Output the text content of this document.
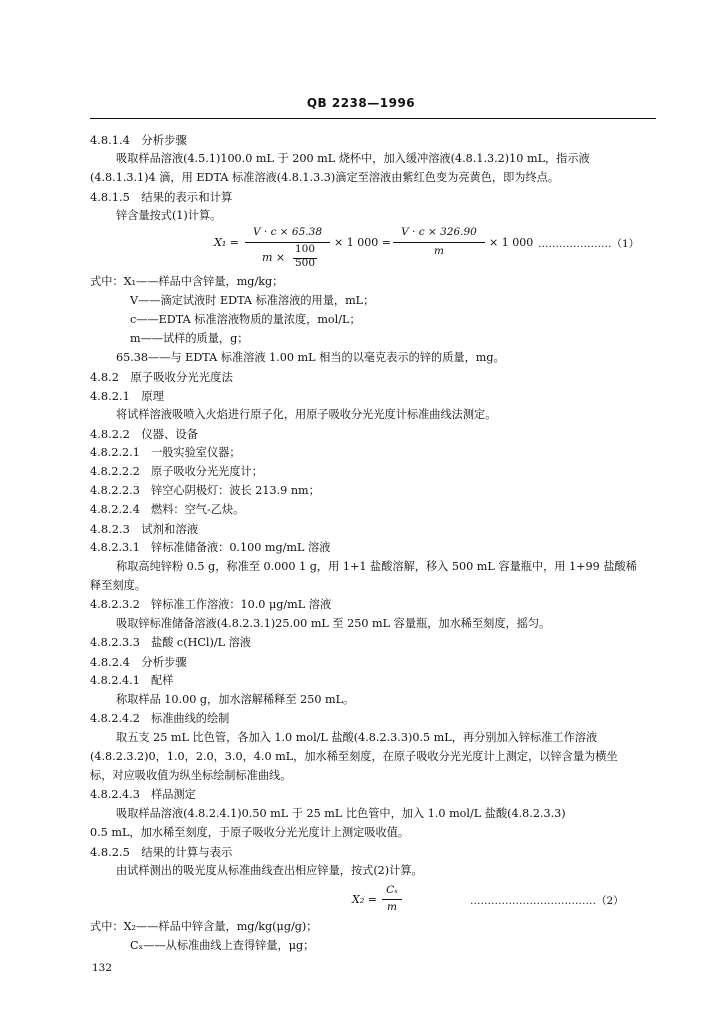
QB 2238—1996
4.8.1.4　分析步骤
吸取样品溶液(4.5.1)100.0 mL 于 200 mL 烧杯中，加入缓冲溶液(4.8.1.3.2)10 mL，指示液
(4.8.1.3.1)4 滴，用 EDTA 标准溶液(4.8.1.3.3)滴定至溶液由紫红色变为亮黄色，即为终点。
4.8.1.5　结果的表示和计算
锌含量按式(1)计算。
X₁ =
V · c × 65.38
m ×
100
500
× 1 000 =
V · c × 326.90
m
× 1 000 …………………（1）
式中：X₁——样品中含锌量，mg/kg；
V——滴定试液时 EDTA 标准溶液的用量，mL；
c——EDTA 标准溶液物质的量浓度，mol/L；
m——试样的质量，g；
65.38——与 EDTA 标准溶液 1.00 mL 相当的以毫克表示的锌的质量，mg。
4.8.2　原子吸收分光光度法
4.8.2.1　原理
将试样溶液吸喷入火焰进行原子化，用原子吸收分光光度计标准曲线法测定。
4.8.2.2　仪器、设备
4.8.2.2.1　一般实验室仪器；
4.8.2.2.2　原子吸收分光光度计；
4.8.2.2.3　锌空心阴极灯：波长 213.9 nm；
4.8.2.2.4　燃料：空气-乙炔。
4.8.2.3　试剂和溶液
4.8.2.3.1　锌标准储备液：0.100 mg/mL 溶液
称取高纯锌粉 0.5 g，称准至 0.000 1 g，用 1+1 盐酸溶解，移入 500 mL 容量瓶中，用 1+99 盐酸稀
释至刻度。
4.8.2.3.2　锌标准工作溶液：10.0 μg/mL 溶液
吸取锌标准储备溶液(4.8.2.3.1)25.00 mL 至 250 mL 容量瓶，加水稀至刻度，摇匀。
4.8.2.3.3　盐酸 c(HCl)/L 溶液
4.8.2.4　分析步骤
4.8.2.4.1　配样
称取样品 10.00 g，加水溶解稀释至 250 mL。
4.8.2.4.2　标准曲线的绘制
取五支 25 mL 比色管，各加入 1.0 mol/L 盐酸(4.8.2.3.3)0.5 mL，再分别加入锌标准工作溶液
(4.8.2.3.2)0，1.0，2.0，3.0，4.0 mL，加水稀至刻度，在原子吸收分光光度计上测定，以锌含量为横坐
标，对应吸收值为纵坐标绘制标准曲线。
4.8.2.4.3　样品测定
吸取样品溶液(4.8.2.4.1)0.50 mL 于 25 mL 比色管中，加入 1.0 mol/L 盐酸(4.8.2.3.3)
0.5 mL，加水稀至刻度，于原子吸收分光光度计上测定吸收值。
4.8.2.5　结果的计算与表示
由试样测出的吸光度从标准曲线查出相应锌量，按式(2)计算。
X₂ =
Cₓ
m	………………………………（2）
式中：X₂——样品中锌含量，mg/kg(μg/g)；
Cₓ——从标准曲线上查得锌量，μg；
132
